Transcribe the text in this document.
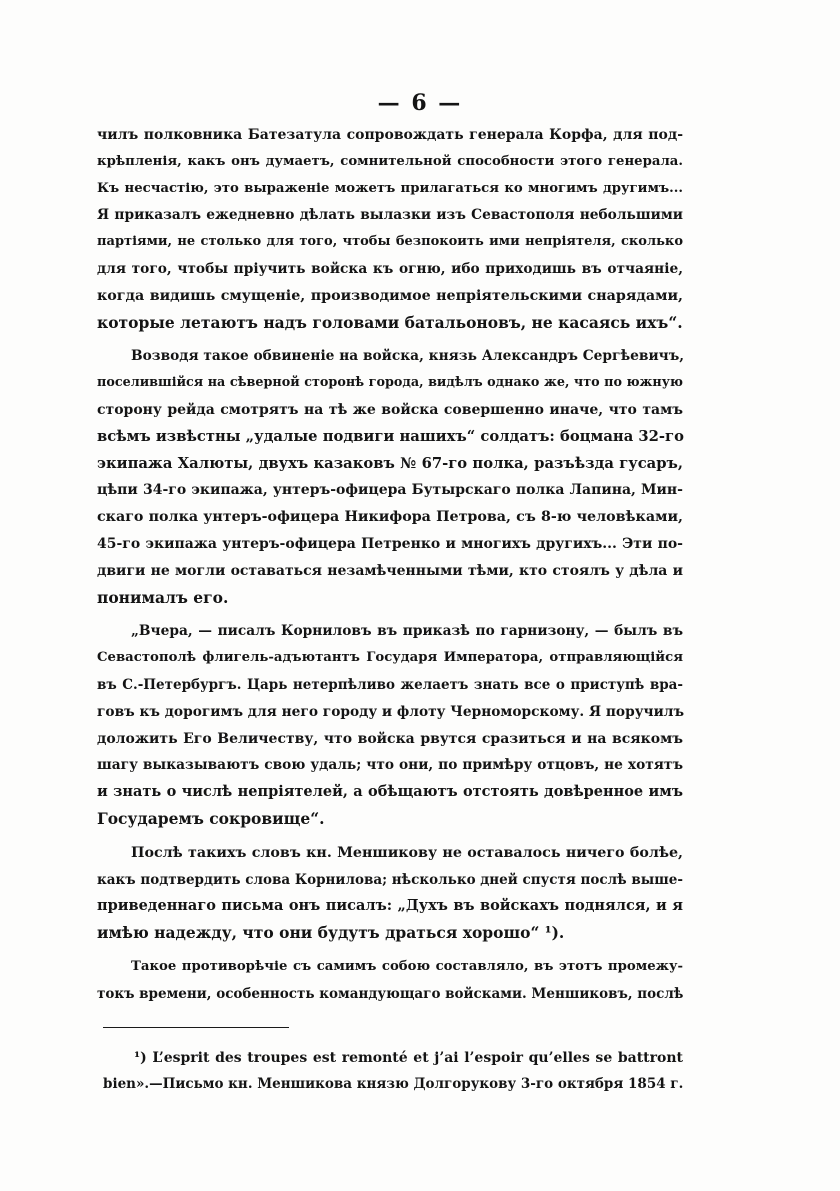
— 6 —
чилъ полковника Батезатула сопровождать генерала Корфа, для под-
крѣпленія, какъ онъ думаетъ, сомнительной способности этого генерала.
Къ несчастію, это выраженіе можетъ прилагаться ко многимъ другимъ...
Я приказалъ ежедневно дѣлать вылазки изъ Севастополя небольшими
партіями, не столько для того, чтобы безпокоить ими непріятеля, сколько
для того, чтобы пріучить войска къ огню, ибо приходишь въ отчаяніе,
когда видишь смущеніе, производимое непріятельскими снарядами,
которые летаютъ надъ головами батальоновъ, не касаясь ихъ“.
Возводя такое обвиненіе на войска, князь Александръ Сергѣевичъ,
поселившійся на сѣверной сторонѣ города, видѣлъ однако же, что по южную
сторону рейда смотрятъ на тѣ же войска совершенно иначе, что тамъ
всѣмъ извѣстны „удалые подвиги нашихъ“ солдатъ: боцмана 32-го
экипажа Халюты, двухъ казаковъ № 67-го полка, разъѣзда гусаръ,
цѣпи 34-го экипажа, унтеръ-офицера Бутырскаго полка Лапина, Мин-
скаго полка унтеръ-офицера Никифора Петрова, съ 8-ю человѣками,
45-го экипажа унтеръ-офицера Петренко и многихъ другихъ... Эти по-
двиги не могли оставаться незамѣченными тѣми, кто стоялъ у дѣла и
понималъ его.
„Вчера, — писалъ Корниловъ въ приказѣ по гарнизону, — былъ въ
Севастополѣ флигель-адъютантъ Государя Императора, отправляющійся
въ С.-Петербургъ. Царь нетерпѣливо желаетъ знать все о приступѣ вра-
говъ къ дорогимъ для него городу и флоту Черноморскому. Я поручилъ
доложить Его Величеству, что войска рвутся сразиться и на всякомъ
шагу выказываютъ свою удаль; что они, по примѣру отцовъ, не хотятъ
и знать о числѣ непріятелей, а обѣщаютъ отстоять довѣренное имъ
Государемъ сокровище“.
Послѣ такихъ словъ кн. Меншикову не оставалось ничего болѣе,
какъ подтвердить слова Корнилова; нѣсколько дней спустя послѣ выше-
приведеннаго письма онъ писалъ: „Духъ въ войскахъ поднялся, и я
имѣю надежду, что они будутъ драться хорошо“ ¹).
Такое противорѣчіе съ самимъ собою составляло, въ этотъ промежу-
токъ времени, особенность командующаго войсками. Меншиковъ, послѣ
¹) L’esprit des troupes est remonté et j’ai l’espoir qu’elles se battront
bien».—Письмо кн. Меншикова князю Долгорукову 3-го октября 1854 г.
